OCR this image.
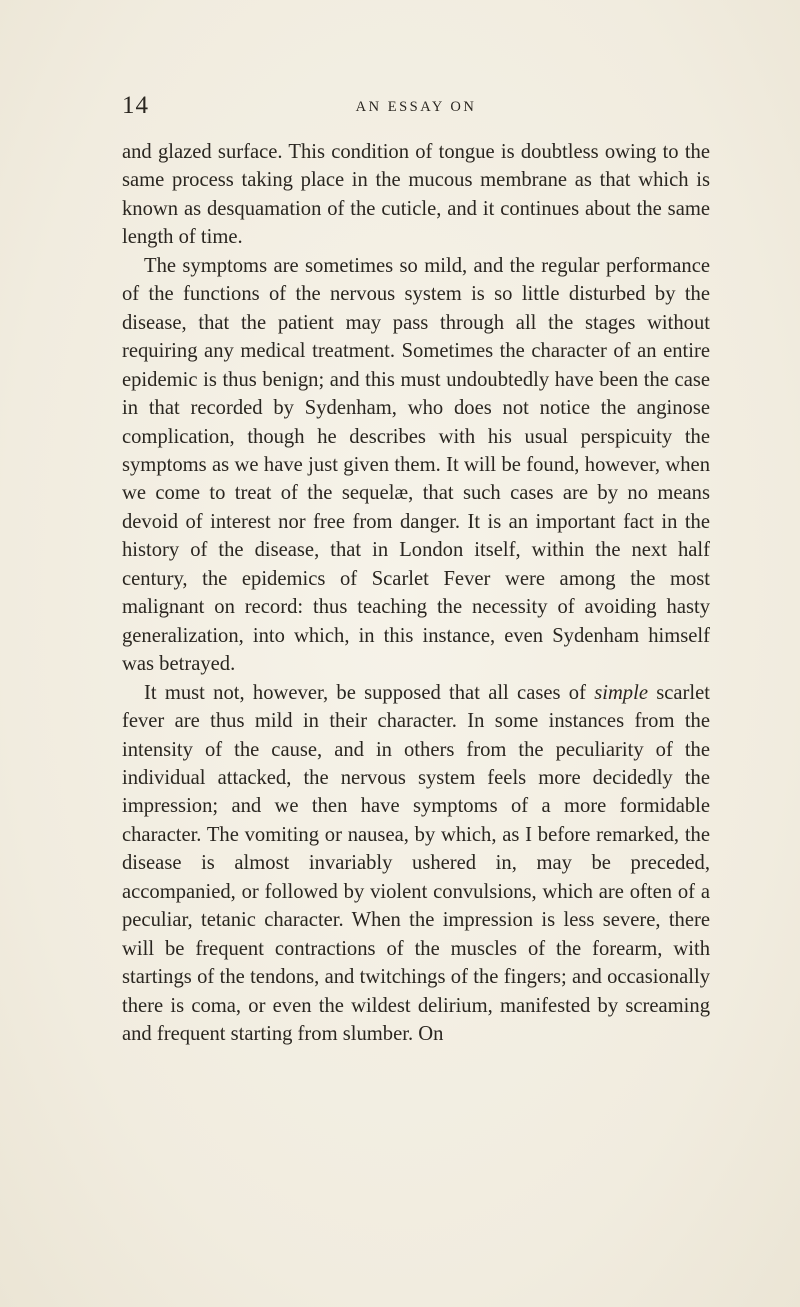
14	AN ESSAY ON

and glazed surface. This condition of tongue is doubtless owing to the same process taking place in the mucous membrane as that which is known as desquamation of the cuticle, and it continues about the same length of time.

The symptoms are sometimes so mild, and the regular performance of the functions of the nervous system is so little disturbed by the disease, that the patient may pass through all the stages without requiring any medical treatment. Sometimes the character of an entire epidemic is thus benign; and this must undoubtedly have been the case in that recorded by Sydenham, who does not notice the anginose complication, though he describes with his usual perspicuity the symptoms as we have just given them. It will be found, however, when we come to treat of the sequelæ, that such cases are by no means devoid of interest nor free from danger. It is an important fact in the history of the disease, that in London itself, within the next half century, the epidemics of Scarlet Fever were among the most malignant on record: thus teaching the necessity of avoiding hasty generalization, into which, in this instance, even Sydenham himself was betrayed.

It must not, however, be supposed that all cases of simple scarlet fever are thus mild in their character. In some instances from the intensity of the cause, and in others from the peculiarity of the individual attacked, the nervous system feels more decidedly the impression; and we then have symptoms of a more formidable character. The vomiting or nausea, by which, as I before remarked, the disease is almost invariably ushered in, may be preceded, accompanied, or followed by violent convulsions, which are often of a peculiar, tetanic character. When the impression is less severe, there will be frequent contractions of the muscles of the forearm, with startings of the tendons, and twitchings of the fingers; and occasionally there is coma, or even the wildest delirium, manifested by screaming and frequent starting from slumber. On
